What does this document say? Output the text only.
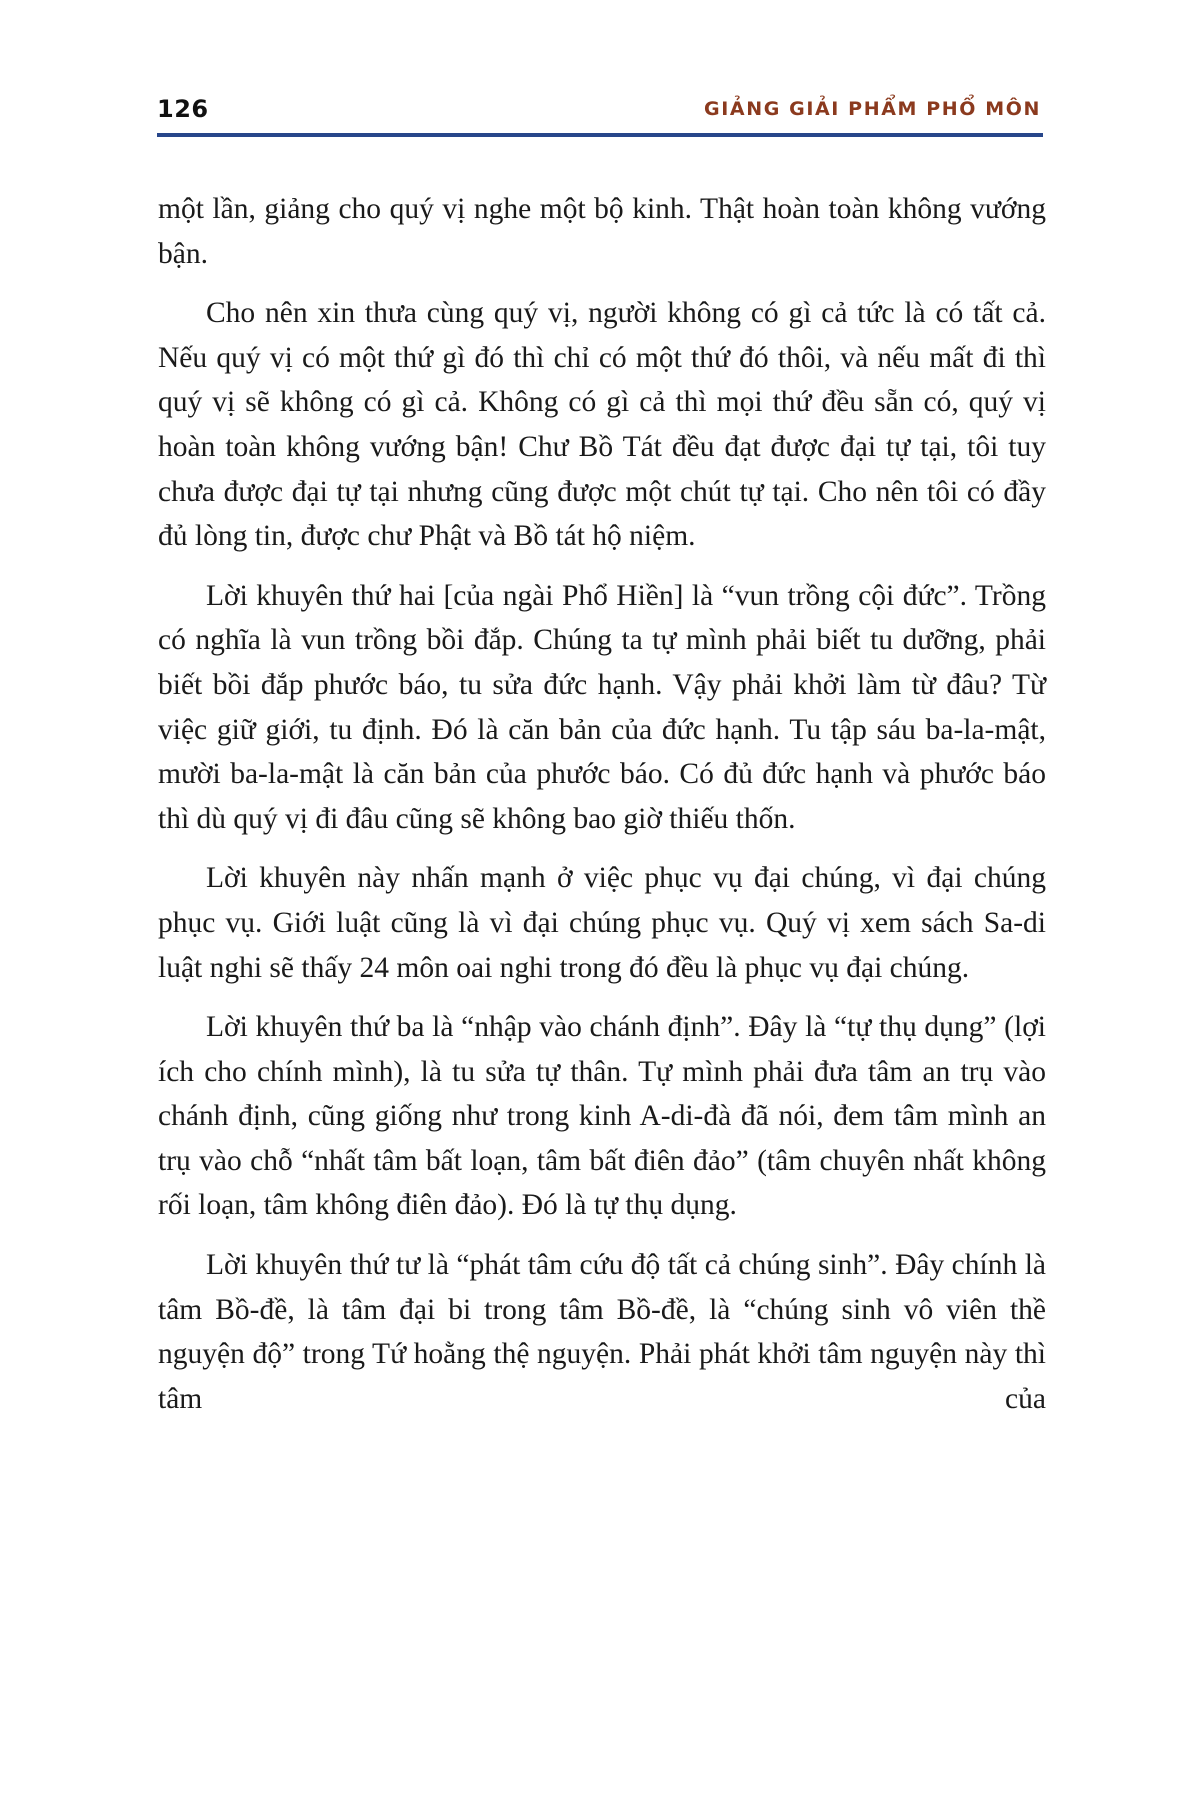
126	GIẢNG GIẢI PHẨM PHỔ MÔN

một lần, giảng cho quý vị nghe một bộ kinh. Thật hoàn toàn không vướng bận.

Cho nên xin thưa cùng quý vị, người không có gì cả tức là có tất cả. Nếu quý vị có một thứ gì đó thì chỉ có một thứ đó thôi, và nếu mất đi thì quý vị sẽ không có gì cả. Không có gì cả thì mọi thứ đều sẵn có, quý vị hoàn toàn không vướng bận! Chư Bồ Tát đều đạt được đại tự tại, tôi tuy chưa được đại tự tại nhưng cũng được một chút tự tại. Cho nên tôi có đầy đủ lòng tin, được chư Phật và Bồ tát hộ niệm.

Lời khuyên thứ hai [của ngài Phổ Hiền] là “vun trồng cội đức”. Trồng có nghĩa là vun trồng bồi đắp. Chúng ta tự mình phải biết tu dưỡng, phải biết bồi đắp phước báo, tu sửa đức hạnh. Vậy phải khởi làm từ đâu? Từ việc giữ giới, tu định. Đó là căn bản của đức hạnh. Tu tập sáu ba-la-mật, mười ba-la-mật là căn bản của phước báo. Có đủ đức hạnh và phước báo thì dù quý vị đi đâu cũng sẽ không bao giờ thiếu thốn.

Lời khuyên này nhấn mạnh ở việc phục vụ đại chúng, vì đại chúng phục vụ. Giới luật cũng là vì đại chúng phục vụ. Quý vị xem sách Sa-di luật nghi sẽ thấy 24 môn oai nghi trong đó đều là phục vụ đại chúng.

Lời khuyên thứ ba là “nhập vào chánh định”. Đây là “tự thụ dụng” (lợi ích cho chính mình), là tu sửa tự thân. Tự mình phải đưa tâm an trụ vào chánh định, cũng giống như trong kinh A-di-đà đã nói, đem tâm mình an trụ vào chỗ “nhất tâm bất loạn, tâm bất điên đảo” (tâm chuyên nhất không rối loạn, tâm không điên đảo). Đó là tự thụ dụng.

Lời khuyên thứ tư là “phát tâm cứu độ tất cả chúng sinh”. Đây chính là tâm Bồ-đề, là tâm đại bi trong tâm Bồ-đề, là “chúng sinh vô viên thề nguyện độ” trong Tứ hoằng thệ nguyện. Phải phát khởi tâm nguyện này thì tâm của
